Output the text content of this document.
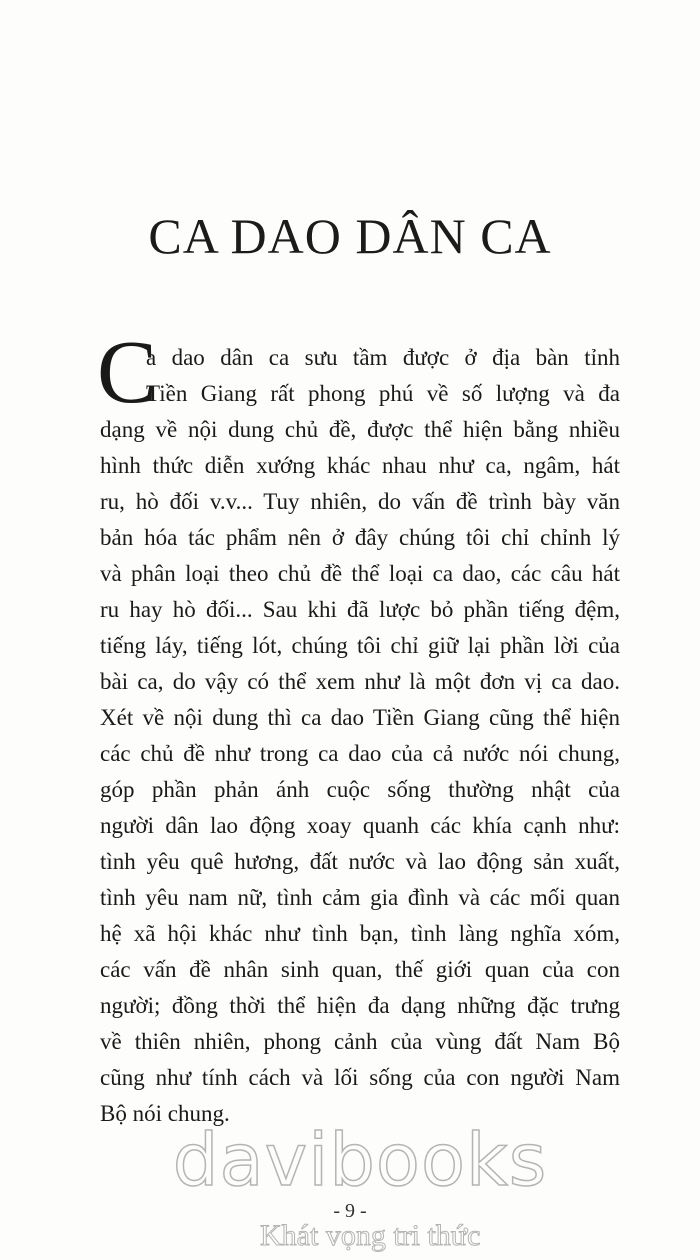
CA DAO DÂN CA
C
a dao dân ca sưu tầm được ở địa bàn tỉnh
Tiền Giang rất phong phú về số lượng và đa
dạng về nội dung chủ đề, được thể hiện bằng nhiều
hình thức diễn xướng khác nhau như ca, ngâm, hát
ru, hò đối v.v... Tuy nhiên, do vấn đề trình bày văn
bản hóa tác phẩm nên ở đây chúng tôi chỉ chỉnh lý
và phân loại theo chủ đề thể loại ca dao, các câu hát
ru hay hò đối... Sau khi đã lược bỏ phần tiếng đệm,
tiếng láy, tiếng lót, chúng tôi chỉ giữ lại phần lời của
bài ca, do vậy có thể xem như là một đơn vị ca dao.
Xét về nội dung thì ca dao Tiền Giang cũng thể hiện
các chủ đề như trong ca dao của cả nước nói chung,
góp phần phản ánh cuộc sống thường nhật của
người dân lao động xoay quanh các khía cạnh như:
tình yêu quê hương, đất nước và lao động sản xuất,
tình yêu nam nữ, tình cảm gia đình và các mối quan
hệ xã hội khác như tình bạn, tình làng nghĩa xóm,
các vấn đề nhân sinh quan, thế giới quan của con
người; đồng thời thể hiện đa dạng những đặc trưng
về thiên nhiên, phong cảnh của vùng đất Nam Bộ
cũng như tính cách và lối sống của con người Nam
Bộ nói chung.
- 9 -
davibooks
Khát vọng tri thức
